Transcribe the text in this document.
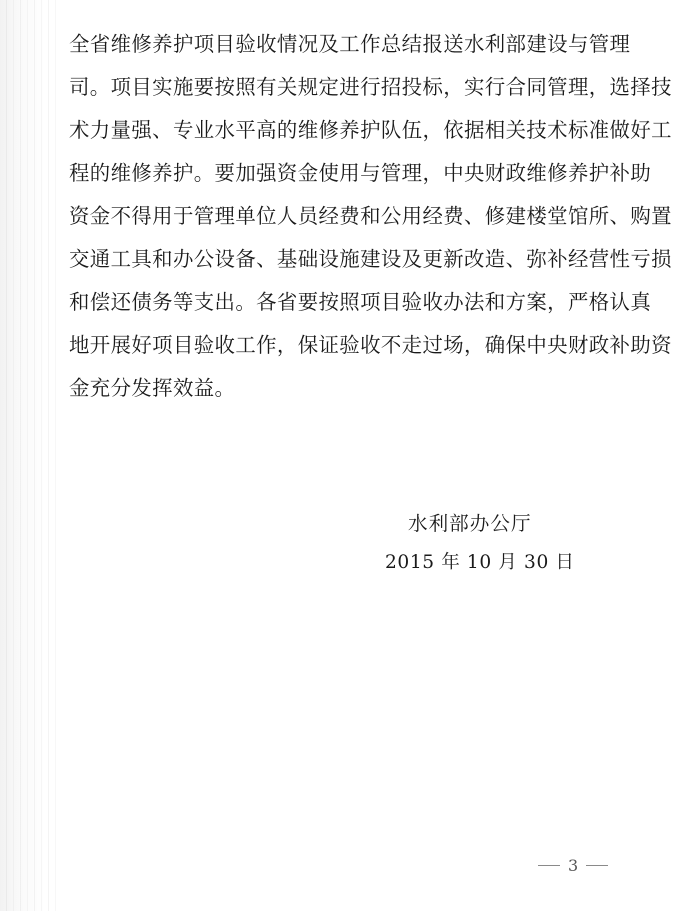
全省维修养护项目验收情况及工作总结报送水利部建设与管理
司。项目实施要按照有关规定进行招投标，实行合同管理，选择技
术力量强、专业水平高的维修养护队伍，依据相关技术标准做好工
程的维修养护。要加强资金使用与管理，中央财政维修养护补助
资金不得用于管理单位人员经费和公用经费、修建楼堂馆所、购置
交通工具和办公设备、基础设施建设及更新改造、弥补经营性亏损
和偿还债务等支出。各省要按照项目验收办法和方案，严格认真
地开展好项目验收工作，保证验收不走过场，确保中央财政补助资
金充分发挥效益。
水利部办公厅
2015 年 10 月 30 日
3
